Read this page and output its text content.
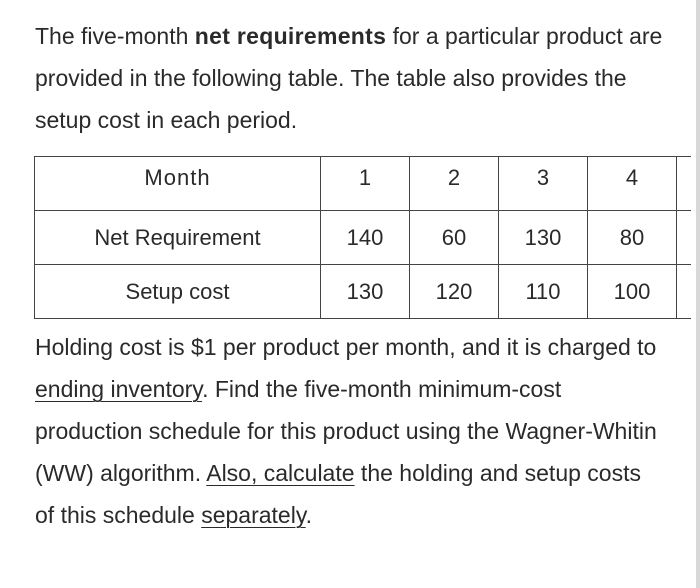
The five-month net requirements for a particular product are provided in the following table. The table also provides the setup cost in each period.

Month	1	2	3	4	
Net Requirement	140	60	130	80	
Setup cost	130	120	110	100	

Holding cost is $1 per product per month, and it is charged to ending inventory. Find the five-month minimum-cost production schedule for this product using the Wagner-Whitin (WW) algorithm. Also, calculate the holding and setup costs of this schedule separately.
